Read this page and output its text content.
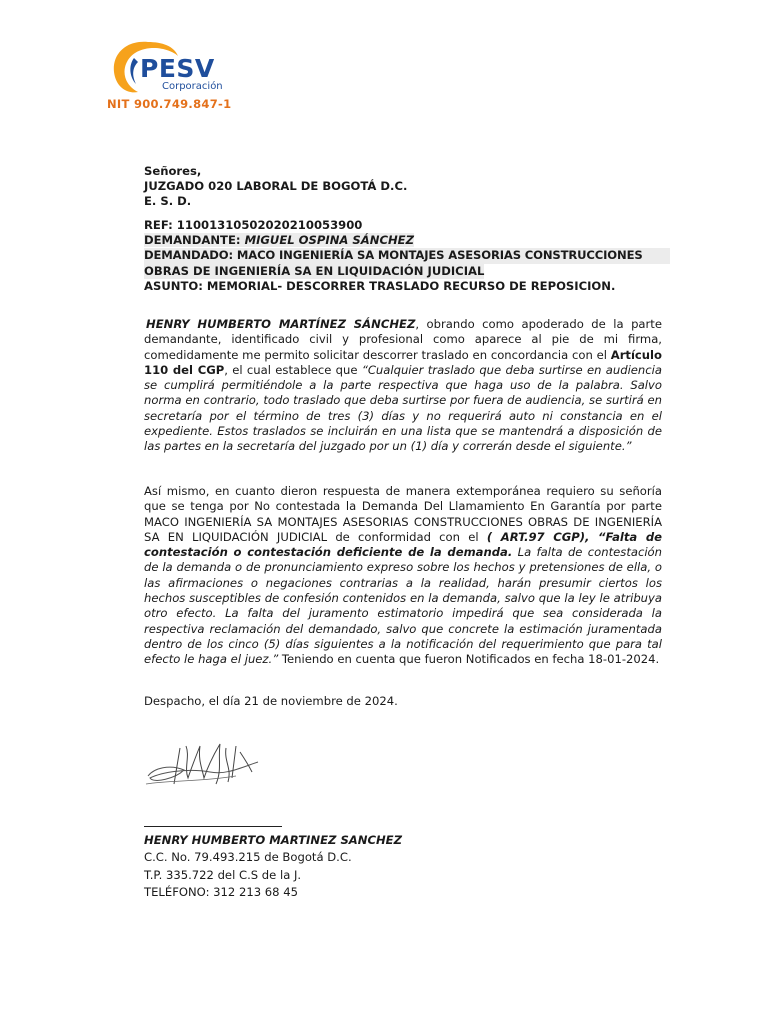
PESV
Corporación
NIT 900.749.847-1
Señores,
JUZGADO 020 LABORAL DE BOGOTÁ D.C.
E. S. D.
REF: 11001310502020210053900
DEMANDANTE: MIGUEL OSPINA SÁNCHEZ
DEMANDADO: MACO INGENIERÍA SA MONTAJES ASESORIAS CONSTRUCCIONES
OBRAS DE INGENIERÍA SA EN LIQUIDACIÓN JUDICIAL
ASUNTO: MEMORIAL- DESCORRER TRASLADO RECURSO DE REPOSICION.
HENRY HUMBERTO MARTÍNEZ SÁNCHEZ, obrando como apoderado de la parte demandante, identificado civil y profesional como aparece al pie de mi firma, comedidamente me permito solicitar descorrer traslado en concordancia con el Artículo 110 del CGP, el cual establece que “Cualquier traslado que deba surtirse en audiencia se cumplirá permitiéndole a la parte respectiva que haga uso de la palabra. Salvo norma en contrario, todo traslado que deba surtirse por fuera de audiencia, se surtirá en secretaría por el término de tres (3) días y no requerirá auto ni constancia en el expediente. Estos traslados se incluirán en una lista que se mantendrá a disposición de las partes en la secretaría del juzgado por un (1) día y correrán desde el siguiente.”
Así mismo, en cuanto dieron respuesta de manera extemporánea requiero su señoría que se tenga por No contestada la Demanda Del Llamamiento En Garantía por parte MACO INGENIERÍA SA MONTAJES ASESORIAS CONSTRUCCIONES OBRAS DE INGENIERÍA SA EN LIQUIDACIÓN JUDICIAL de conformidad con el ( ART.97 CGP), “Falta de contestación o contestación deficiente de la demanda. La falta de contestación de la demanda o de pronunciamiento expreso sobre los hechos y pretensiones de ella, o las afirmaciones o negaciones contrarias a la realidad, harán presumir ciertos los hechos susceptibles de confesión contenidos en la demanda, salvo que la ley le atribuya otro efecto. La falta del juramento estimatorio impedirá que sea considerada la respectiva reclamación del demandado, salvo que concrete la estimación juramentada dentro de los cinco (5) días siguientes a la notificación del requerimiento que para tal efecto le haga el juez.” Teniendo en cuenta que fueron Notificados en fecha 18-01-2024.
Despacho, el día 21 de noviembre de 2024.
HENRY HUMBERTO MARTINEZ SANCHEZ
C.C. No. 79.493.215 de Bogotá D.C.
T.P. 335.722 del C.S de la J.
TELÉFONO: 312 213 68 45
